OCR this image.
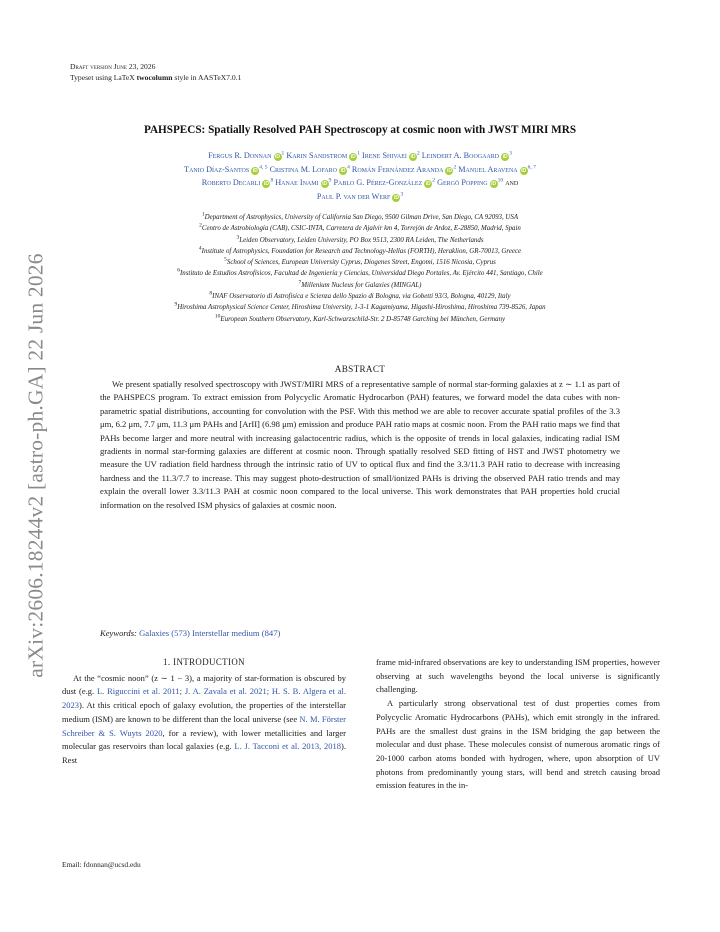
arXiv:2606.18244v2 [astro-ph.GA] 22 Jun 2026
Draft version June 23, 2026
Typeset using LaTeX twocolumn style in AASTeX7.0.1
PAHSPECS: Spatially Resolved PAH Spectroscopy at cosmic noon with JWST MIRI MRS
Fergus R. Donnan $iD^1$ Karin Sandstrom $iD^1$ Irene Shivaei $iD^2$ Leindert A. Boogaard $iD^3$
Tanio Díaz-Santos iD$^{4, 5}$ Cristina M. Lofaro $iD^4$ Román Fernández Aranda $iD^2$ Manuel Aravena iD$^{6, 7}$
Roberto Decarli $iD^8$ Hanae Inami $iD^9$ Pablo G. Pérez-González $iD^2$ Gergö Popping $iD^{10}$ and
Paul P. van der Werf $iD^3$
$^1$Department of Astrophysics, University of California San Diego, 9500 Gilman Drive, San Diego, CA 92093, USA
$^2$Centro de Astrobiología (CAB), CSIC-INTA, Carretera de Ajalvir km 4, Torrejón de Ardoz, E-28850, Madrid, Spain
$^3$Leiden Observatory, Leiden University, PO Box 9513, 2300 RA Leiden, The Netherlands
$^4$Institute of Astrophysics, Foundation for Research and Technology-Hellas (FORTH), Heraklion, GR-70013, Greece
$^5$School of Sciences, European University Cyprus, Diogenes Street, Engomi, 1516 Nicosia, Cyprus
$^6$Instituto de Estudios Astrofísicos, Facultad de Ingeniería y Ciencias, Universidad Diego Portales, Av. Ejército 441, Santiago, Chile
$^7$Millenium Nucleus for Galaxies (MINGAL)
$^8$INAF Osservatorio di Astrofisica e Scienza dello Spazio di Bologna, via Gobetti 93/3, Bologna, 40129, Italy
$^9$Hiroshima Astrophysical Science Center, Hiroshima University, 1-3-1 Kagamiyama, Higashi-Hiroshima, Hiroshima 739-8526, Japan
$^{10}$European Southern Observatory, Karl-Schwarzschild-Str. 2 D-85748 Garching bei München, Germany
ABSTRACT
We present spatially resolved spectroscopy with JWST/MIRI MRS of a representative sample of normal star-forming galaxies at z ∼ 1.1 as part of the PAHSPECS program. To extract emission from Polycyclic Aromatic Hydrocarbon (PAH) features, we forward model the data cubes with non-parametric spatial distributions, accounting for convolution with the PSF. With this method we are able to recover accurate spatial profiles of the 3.3 μm, 6.2 μm, 7.7 μm, 11.3 μm PAHs and [ArII] (6.98 μm) emission and produce PAH ratio maps at cosmic noon. From the PAH ratio maps we find that PAHs become larger and more neutral with increasing galactocentric radius, which is the opposite of trends in local galaxies, indicating radial ISM gradients in normal star-forming galaxies are different at cosmic noon. Through spatially resolved SED fitting of HST and JWST photometry we measure the UV radiation field hardness through the intrinsic ratio of UV to optical flux and find the 3.3/11.3 PAH ratio to decrease with increasing hardness and the 11.3/7.7 to increase. This may suggest photo-destruction of small/ionized PAHs is driving the observed PAH ratio trends and may explain the overall lower 3.3/11.3 PAH at cosmic noon compared to the local universe. This work demonstrates that PAH properties hold crucial information on the resolved ISM physics of galaxies at cosmic noon.
Keywords: Galaxies (573) Interstellar medium (847)
1. INTRODUCTION

At the “cosmic noon” (z ∼ 1 − 3), a majority of star-formation is obscured by dust (e.g. L. Riguccini et al. 2011; J. A. Zavala et al. 2021; H. S. B. Algera et al. 2023). At this critical epoch of galaxy evolution, the properties of the interstellar medium (ISM) are known to be different than the local universe (see N. M. Förster Schreiber & S. Wuyts 2020, for a review), with lower metallicities and larger molecular gas reservoirs than local galaxies (e.g. L. J. Tacconi et al. 2013, 2018). Rest

frame mid-infrared observations are key to understanding ISM properties, however observing at such wavelengths beyond the local universe is significantly challenging.

A particularly strong observational test of dust properties comes from Polycyclic Aromatic Hydrocarbons (PAHs), which emit strongly in the infrared. PAHs are the smallest dust grains in the ISM bridging the gap between the molecular and dust phase. These molecules consist of numerous aromatic rings of 20-1000 carbon atoms bonded with hydrogen, where, upon absorption of UV photons from predominantly young stars, will bend and stretch causing broad emission features in the in-

Email: fdonnan@ucsd.edu
